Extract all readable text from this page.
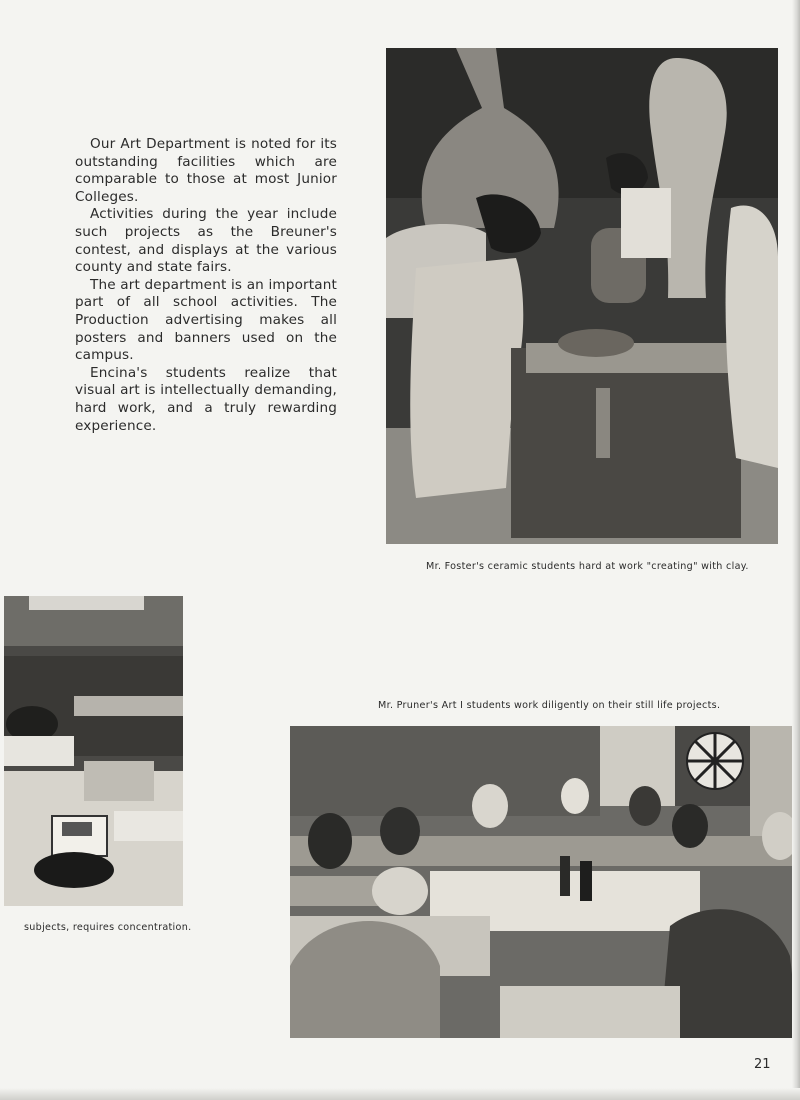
Our Art Department is noted for its outstanding facilities which are comparable to those at most Junior Colleges.

Activities during the year include such projects as the Breuner's contest, and displays at the various county and state fairs.

The art department is an important part of all school activities. The Production advertising makes all posters and banners used on the campus.

Encina's students realize that visual art is intellectually demanding, hard work, and a truly rewarding experience.

Mr. Foster's ceramic students hard at work "creating" with clay.
Mr. Pruner's Art I students work diligently on their still life projects.
subjects, requires concentration.
21
